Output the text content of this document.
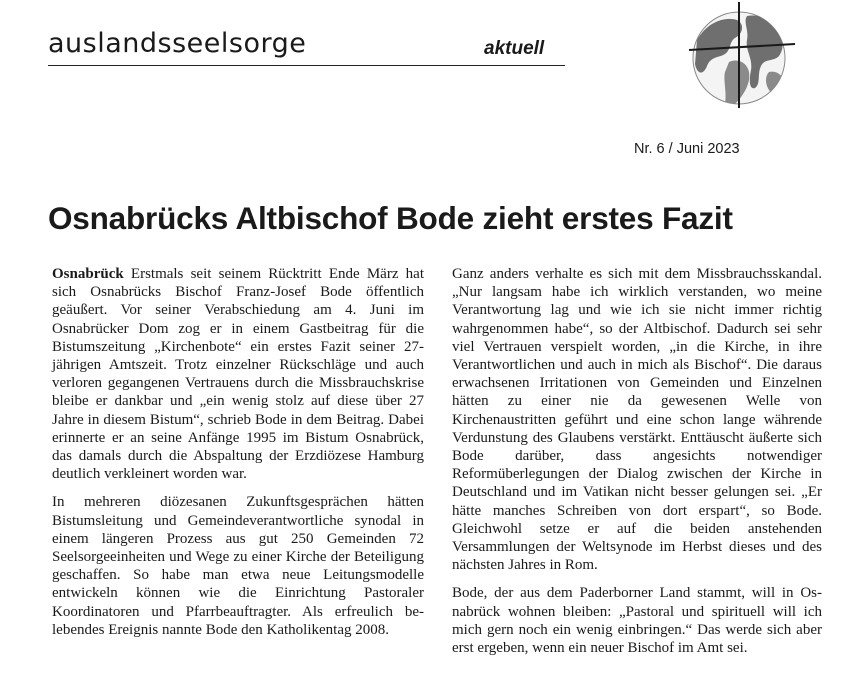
auslandsseelsorge	aktuell
Nr. 6 / Juni 2023
Osnabrücks Altbischof Bode zieht erstes Fazit

Osnabrück Erstmals seit seinem Rücktritt Ende März hat sich Osnabrücks Bischof Franz-Josef Bode öffentlich geäußert. Vor seiner Verabschiedung am 4. Juni im Osnabrücker Dom zog er in einem Gastbeitrag für die Bistumszeitung „Kirchenbote“ ein erstes Fazit seiner 27-jährigen Amtszeit. Trotz einzelner Rückschläge und auch verloren gegangenen Vertrauens durch die Missbrauchskrise bleibe er dankbar und „ein wenig stolz auf diese über 27 Jahre in diesem Bistum“, schrieb Bode in dem Beitrag. Dabei erinnerte er an seine Anfänge 1995 im Bistum Osnabrück, das damals durch die Abspaltung der Erzdiözese Hamburg deutlich verkleinert worden war.

In mehreren diözesanen Zukunftsgesprächen hätten Bistumsleitung und Gemeindeverantwortliche synodal in einem längeren Prozess aus gut 250 Gemeinden 72 Seelsorgeeinheiten und Wege zu einer Kirche der Beteiligung geschaffen. So habe man etwa neue Leitungsmodelle entwickeln können wie die Einrichtung Pastoraler Koordinatoren und Pfarrbeauftragter. Als erfreulich belebendes Ereignis nannte Bode den Katholikentag 2008.

Ganz anders verhalte es sich mit dem Missbrauchsskandal. „Nur langsam habe ich wirklich verstanden, wo meine Verantwortung lag und wie ich sie nicht immer richtig wahrgenommen habe“, so der Altbischof. Dadurch sei sehr viel Vertrauen verspielt worden, „in die Kirche, in ihre Verantwortlichen und auch in mich als Bischof“. Die daraus erwachsenen Irritationen von Gemeinden und Einzelnen hätten zu einer nie da gewesenen Welle von Kirchenaustritten geführt und eine schon lange währende Verdunstung des Glaubens verstärkt. Enttäuscht äußerte sich Bode darüber, dass angesichts notwendiger Reformüberlegungen der Dialog zwischen der Kirche in Deutschland und im Vatikan nicht besser gelungen sei. „Er hätte manches Schreiben von dort erspart“, so Bode. Gleichwohl setze er auf die beiden anstehenden Versammlungen der Weltsynode im Herbst dieses und des nächsten Jahres in Rom.

Bode, der aus dem Paderborner Land stammt, will in Osnabrück wohnen bleiben: „Pastoral und spirituell will ich mich gern noch ein wenig einbringen.“ Das werde sich aber erst ergeben, wenn ein neuer Bischof im Amt sei.
